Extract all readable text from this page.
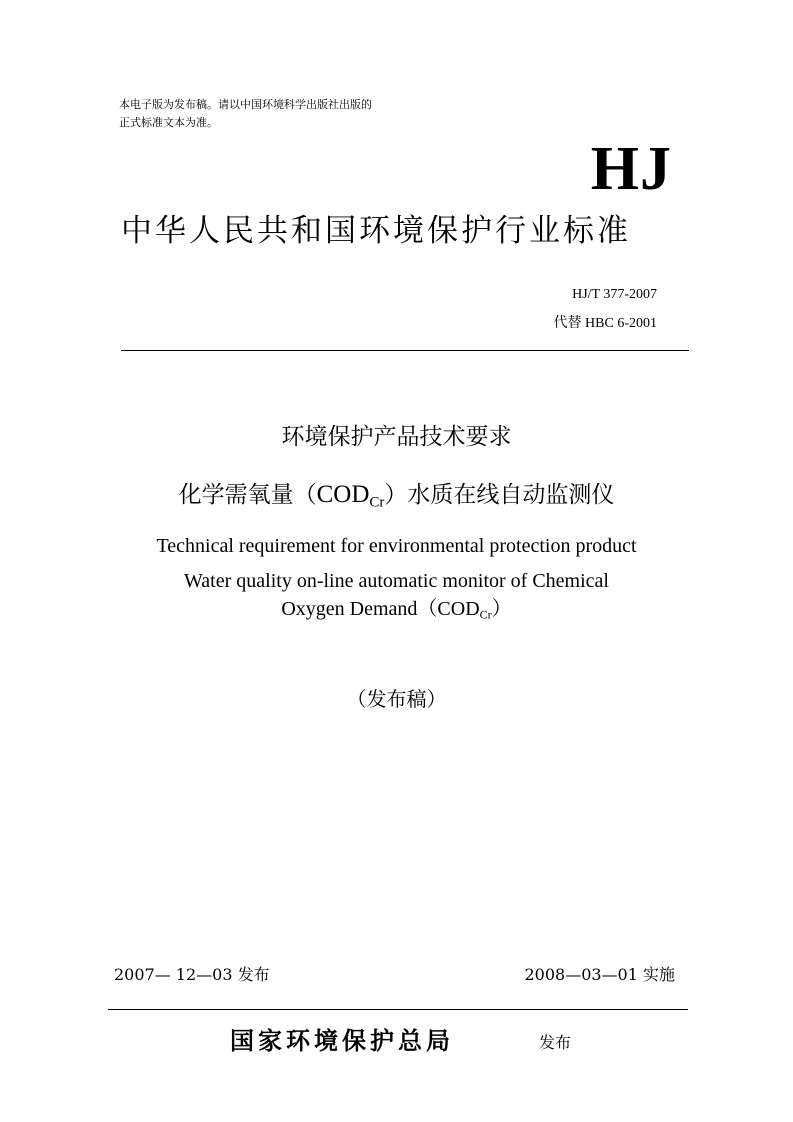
本电子版为发布稿。请以中国环境科学出版社出版的
正式标准文本为准。
HJ
中华人民共和国环境保护行业标准
HJ/T 377-2007
代替 HBC 6-2001
环境保护产品技术要求
化学需氧量$(COD_{Cr})$水质在线自动监测仪
Technical requirement for environmental protection product
Water quality on-line automatic monitor of Chemical
Oxygen $Demand(COD_{Cr})$
（发布稿）
2007— 12—03 发布	2008—03—01 实施
国家环境保护总局	发布
